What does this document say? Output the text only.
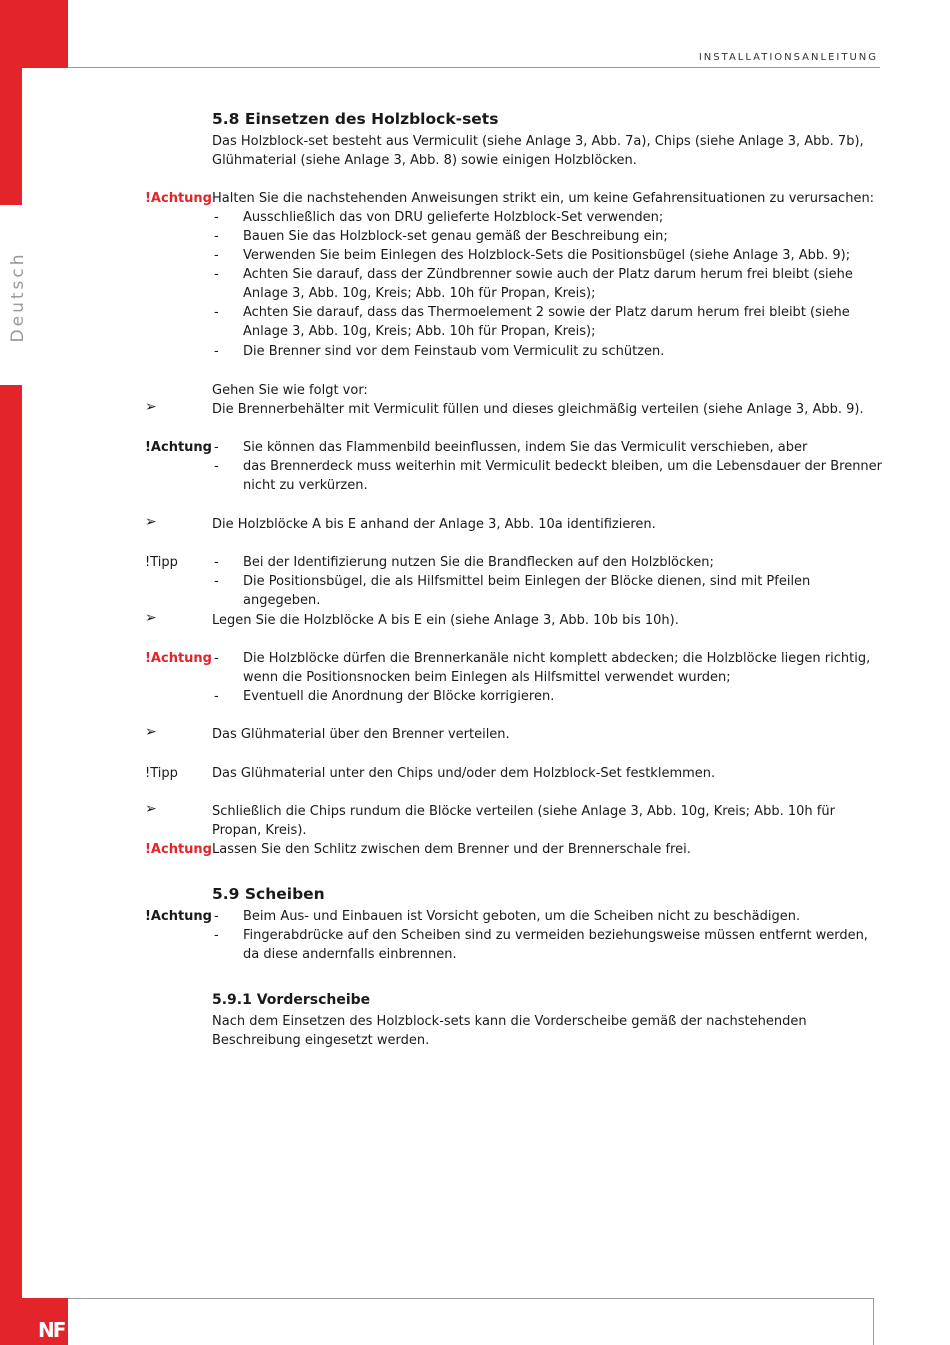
NF
INSTALLATIONSANLEITUNG
Deutsch
5.8 Einsetzen des Holzblock-sets
Das Holzblock-set besteht aus Vermiculit (siehe Anlage 3, Abb. 7a), Chips (siehe Anlage 3, Abb. 7b), Glühmaterial (siehe Anlage 3, Abb. 8) sowie einigen Holzblöcken.
!Achtung Halten Sie die nachstehenden Anweisungen strikt ein, um keine Gefahrensituationen zu verursachen:
- Ausschließlich das von DRU gelieferte Holzblock-Set verwenden;
- Bauen Sie das Holzblock-set genau gemäß der Beschreibung ein;
- Verwenden Sie beim Einlegen des Holzblock-Sets die Positionsbügel (siehe Anlage 3, Abb. 9);
- Achten Sie darauf, dass der Zündbrenner sowie auch der Platz darum herum frei bleibt (siehe Anlage 3, Abb. 10g, Kreis; Abb. 10h für Propan, Kreis);
- Achten Sie darauf, dass das Thermoelement 2 sowie der Platz darum herum frei bleibt (siehe Anlage 3, Abb. 10g, Kreis; Abb. 10h für Propan, Kreis);
- Die Brenner sind vor dem Feinstaub vom Vermiculit zu schützen.
Gehen Sie wie folgt vor:
➢	Die Brennerbehälter mit Vermiculit füllen und dieses gleichmäßig verteilen (siehe Anlage 3, Abb. 9).
!Achtung - Sie können das Flammenbild beeinflussen, indem Sie das Vermiculit verschieben, aber
- das Brennerdeck muss weiterhin mit Vermiculit bedeckt bleiben, um die Lebensdauer der Brenner nicht zu verkürzen.
➢	Die Holzblöcke A bis E anhand der Anlage 3, Abb. 10a identifizieren.
!Tipp	- Bei der Identifizierung nutzen Sie die Brandflecken auf den Holzblöcken;
- Die Positionsbügel, die als Hilfsmittel beim Einlegen der Blöcke dienen, sind mit Pfeilen angegeben.
➢	Legen Sie die Holzblöcke A bis E ein (siehe Anlage 3, Abb. 10b bis 10h).
!Achtung - Die Holzblöcke dürfen die Brennerkanäle nicht komplett abdecken; die Holzblöcke liegen richtig, wenn die Positionsnocken beim Einlegen als Hilfsmittel verwendet wurden;
- Eventuell die Anordnung der Blöcke korrigieren.
➢	Das Glühmaterial über den Brenner verteilen.
!Tipp	Das Glühmaterial unter den Chips und/oder dem Holzblock-Set festklemmen.
➢	Schließlich die Chips rundum die Blöcke verteilen (siehe Anlage 3, Abb. 10g, Kreis; Abb. 10h für Propan, Kreis).
!Achtung Lassen Sie den Schlitz zwischen dem Brenner und der Brennerschale frei.
5.9 Scheiben
!Achtung - Beim Aus- und Einbauen ist Vorsicht geboten, um die Scheiben nicht zu beschädigen.
- Fingerabdrücke auf den Scheiben sind zu vermeiden beziehungsweise müssen entfernt werden, da diese andernfalls einbrennen.
5.9.1 Vorderscheibe
Nach dem Einsetzen des Holzblock-sets kann die Vorderscheibe gemäß der nachstehenden Beschreibung eingesetzt werden.
